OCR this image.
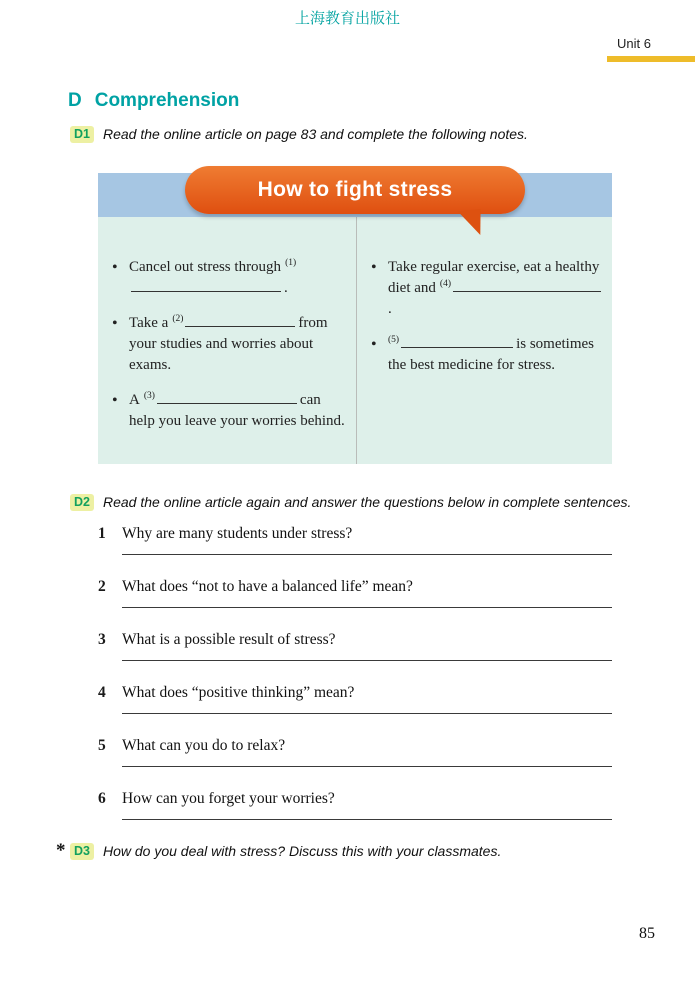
上海教育出版社
Unit 6
D Comprehension
D1 Read the online article on page 83 and complete the following notes.
How to fight stress
• Cancel out stress through $^{(1)}$.
• Take a $^{(2)}$	from your studies and worries about exams.
• A $^{(3)}$	can help you leave your worries behind.
• Take regular exercise, eat a healthy diet and $^{(4)}$.
• $^{(5)}$	is sometimes the best medicine for stress.
D2 Read the online article again and answer the questions below in complete sentences.
1 Why are many students under stress?
2 What does “not to have a balanced life” mean?
3 What is a possible result of stress?
4 What does “positive thinking” mean?
5 What can you do to relax?
6 How can you forget your worries?
* D3 How do you deal with stress? Discuss this with your classmates.
85
